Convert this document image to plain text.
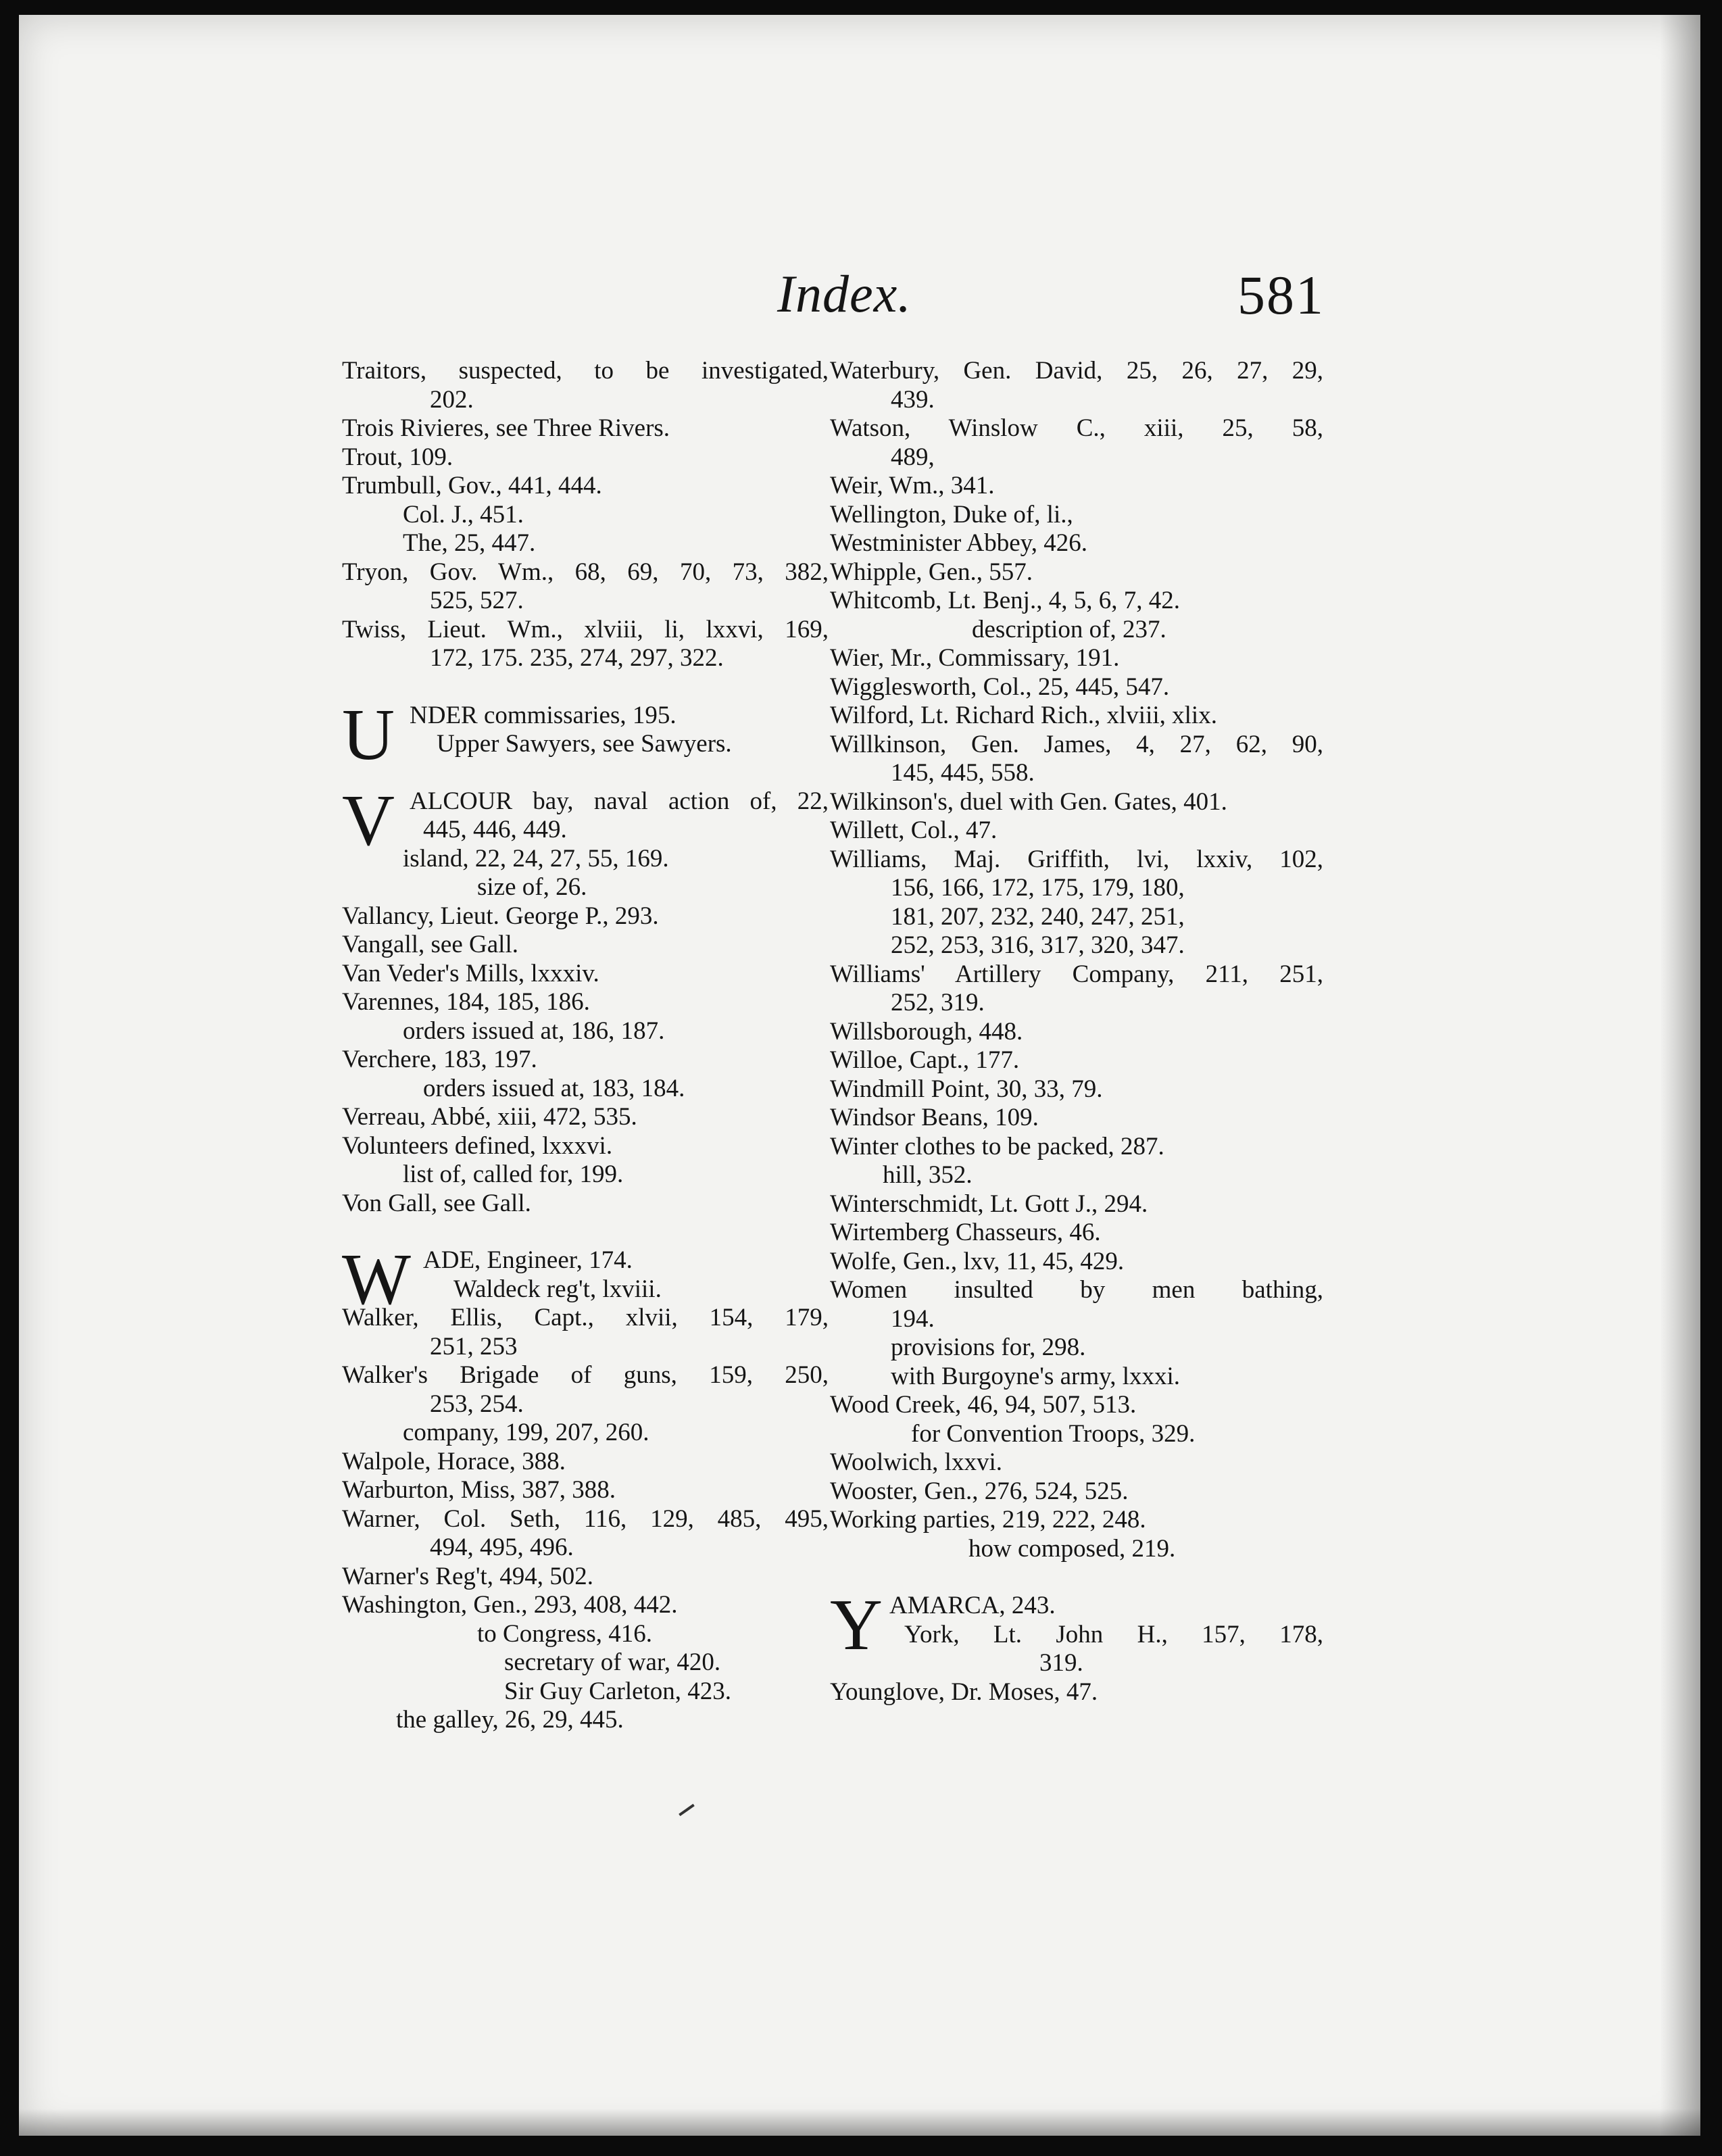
Index.	581
Traitors, suspected, to be investigated,
202.
Trois Rivieres, see Three Rivers.
Trout, 109.
Trumbull, Gov., 441, 444.
Col. J., 451.
The, 25, 447.
Tryon, Gov. Wm., 68, 69, 70, 73, 382,
525, 527.
Twiss, Lieut. Wm., xlviii, li, lxxvi, 169,
172, 175. 235, 274, 297, 322.
U NDER commissaries, 195.
Upper Sawyers, see Sawyers.
V ALCOUR bay, naval action of, 22,
445, 446, 449.
island, 22, 24, 27, 55, 169.
size of, 26.
Vallancy, Lieut. George P., 293.
Vangall, see Gall.
Van Veder's Mills, lxxxiv.
Varennes, 184, 185, 186.
orders issued at, 186, 187.
Verchere, 183, 197.
orders issued at, 183, 184.
Verreau, Abbé, xiii, 472, 535.
Volunteers defined, lxxxvi.
list of, called for, 199.
Von Gall, see Gall.
W ADE, Engineer, 174.
Waldeck reg't, lxviii.
Walker, Ellis, Capt., xlvii, 154, 179,
251, 253
Walker's Brigade of guns, 159, 250,
253, 254.
company, 199, 207, 260.
Walpole, Horace, 388.
Warburton, Miss, 387, 388.
Warner, Col. Seth, 116, 129, 485, 495,
494, 495, 496.
Warner's Reg't, 494, 502.
Washington, Gen., 293, 408, 442.
to Congress, 416.
secretary of war, 420.
Sir Guy Carleton, 423.
the galley, 26, 29, 445.
Waterbury, Gen. David, 25, 26, 27, 29,
439.
Watson, Winslow C., xiii, 25, 58,
489,
Weir, Wm., 341.
Wellington, Duke of, li.,
Westminister Abbey, 426.
Whipple, Gen., 557.
Whitcomb, Lt. Benj., 4, 5, 6, 7, 42.
description of, 237.
Wier, Mr., Commissary, 191.
Wigglesworth, Col., 25, 445, 547.
Wilford, Lt. Richard Rich., xlviii, xlix.
Willkinson, Gen. James, 4, 27, 62, 90,
145, 445, 558.
Wilkinson's, duel with Gen. Gates, 401.
Willett, Col., 47.
Williams, Maj. Griffith, lvi, lxxiv, 102,
156, 166, 172, 175, 179, 180,
181, 207, 232, 240, 247, 251,
252, 253, 316, 317, 320, 347.
Williams' Artillery Company, 211, 251,
252, 319.
Willsborough, 448.
Willoe, Capt., 177.
Windmill Point, 30, 33, 79.
Windsor Beans, 109.
Winter clothes to be packed, 287.
hill, 352.
Winterschmidt, Lt. Gott J., 294.
Wirtemberg Chasseurs, 46.
Wolfe, Gen., lxv, 11, 45, 429.
Women insulted by men bathing,
194.
provisions for, 298.
with Burgoyne's army, lxxxi.
Wood Creek, 46, 94, 507, 513.
for Convention Troops, 329.
Woolwich, lxxvi.
Wooster, Gen., 276, 524, 525.
Working parties, 219, 222, 248.
how composed, 219.
Y AMARCA, 243.
York, Lt. John H., 157, 178,
319.
Younglove, Dr. Moses, 47.
